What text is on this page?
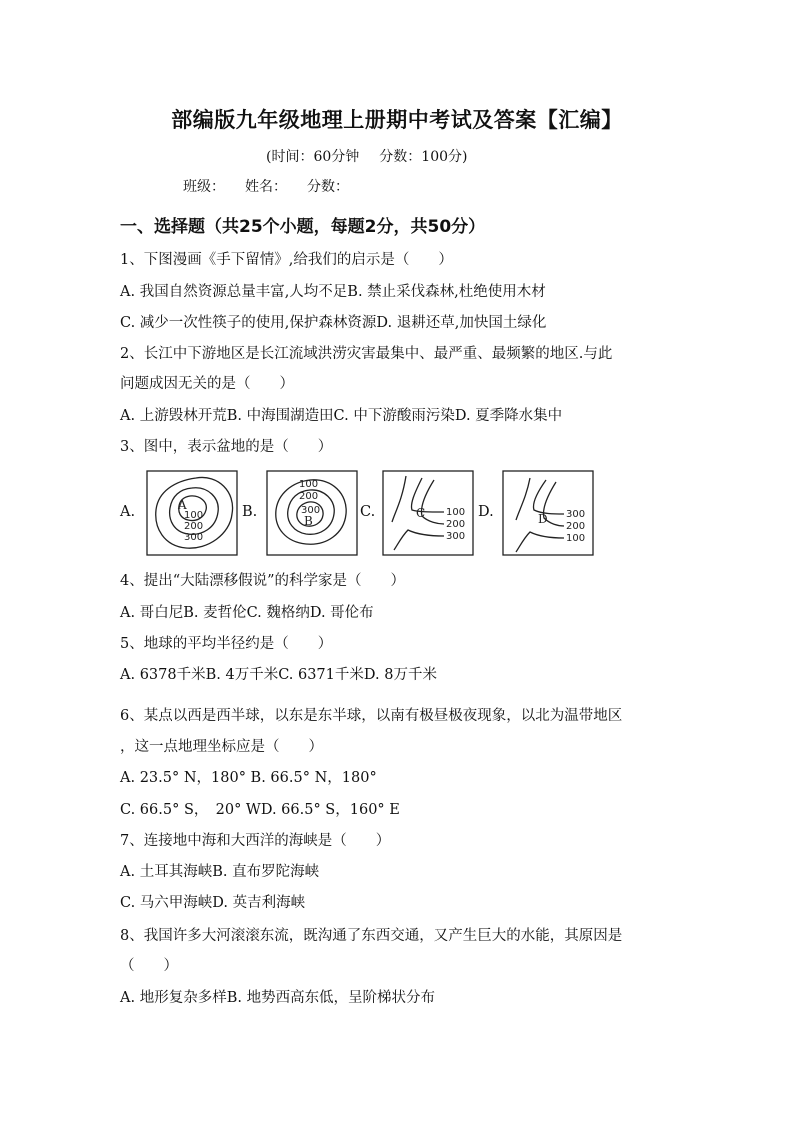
部编版九年级地理上册期中考试及答案【汇编】
(时间：60分钟 分数：100分)
班级： 姓名： 分数：
一、选择题（共25个小题，每题2分，共50分）
1、下图漫画《手下留情》,给我们的启示是（　　）
A. 我国自然资源总量丰富,人均不足B. 禁止采伐森林,杜绝使用木材
C. 减少一次性筷子的使用,保护森林资源D. 退耕还草,加快国土绿化
2、长江中下游地区是长江流域洪涝灾害最集中、最严重、最频繁的地区.与此
问题成因无关的是（　　）
A. 上游毁林开荒B. 中海围湖造田C. 中下游酸雨污染D. 夏季降水集中
3、图中，表示盆地的是（　　）
A.	A
100
200
300
B.
100
200
300
B
C.	C 100
200
300
D.	D 300
200
100
4、提出“大陆漂移假说”的科学家是（　　）
A. 哥白尼B. 麦哲伦C. 魏格纳D. 哥伦布
5、地球的平均半径约是（　　）
A. 6378千米B. 4万千米C. 6371千米D. 8万千米
6、某点以西是西半球，以东是东半球，以南有极昼极夜现象，以北为温带地区
，这一点地理坐标应是（　　）
A. 23.5° N，180° B. 66.5° N，180°
C. 66.5° S，　20° WD. 66.5° S，160° E
7、连接地中海和大西洋的海峡是（　　）
A. 土耳其海峡B. 直布罗陀海峡
C. 马六甲海峡D. 英吉利海峡
8、我国许多大河滚滚东流，既沟通了东西交通，又产生巨大的水能，其原因是
（　　）
A. 地形复杂多样B. 地势西高东低，呈阶梯状分布
